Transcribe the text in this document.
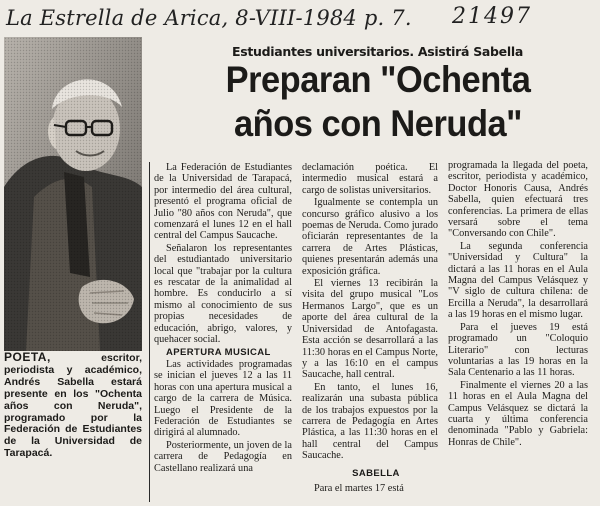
La Estrella de Arica, 8-VIII-1984 p. 7. 21497
Estudiantes universitarios. Asistirá Sabella
Preparan "Ochenta años con Neruda"
POETA,	escritor, periodista y académico, Andrés Sabella estará presente en los "Ochenta años con Neruda", programado por la Federación de Estudiantes de la Universidad de Tarapacá.

La Federación de Estudiantes de la Universidad de Tarapacá, por intermedio del área cultural, presentó el programa oficial de Julio "80 años con Neruda", que comenzará el lunes 12 en el hall central del Campus Saucache.

Señalaron los representantes del estudiantado universitario local que "trabajar por la cultura es rescatar de la animalidad al hombre. Es conducirlo a sí mismo al conocimiento de sus propias necesidades de educación, abrigo, valores, y quehacer social.

APERTURA MUSICAL

Las actividades programadas se inician el jueves 12 a las 11 horas con una apertura musical a cargo de la carrera de Música. Luego el Presidente de la Federación de Estudiantes se dirigirá al alumnado.

Posteriormente, un joven de la carrera de Pedagogía en Castellano realizará una

declamación poética. El intermedio musical estará a cargo de solistas universitarios.

Igualmente se contempla un concurso gráfico alusivo a los poemas de Neruda. Como jurado oficiarán representantes de la carrera de Artes Plásticas, quienes presentarán además una exposición gráfica.

El viernes 13 recibirán la visita del grupo musical "Los Hermanos Largo", que es un aporte del área cultural de la Universidad de Antofagasta. Esta acción se desarrollará a las 11:30 horas en el Campus Norte, y a las 16:10 en el campus Saucache, hall central.

En tanto, el lunes 16, realizarán una subasta pública de los trabajos expuestos por la carrera de Pedagogía en Artes Plástica, a las 11:30 horas en el hall central del Campus Saucache.

SABELLA

Para el martes 17 está

programada la llegada del poeta, escritor, periodista y académico, Doctor Honoris Causa, Andrés Sabella, quien efectuará tres conferencias. La primera de ellas versará sobre el tema "Conversando con Chile".

La segunda conferencia "Universidad y Cultura" la dictará a las 11 horas en el Aula Magna del Campus Velásquez y "V siglo de cultura chilena: de Ercilla a Neruda", la desarrollará a las 19 horas en el mismo lugar.

Para el jueves 19 está programado un "Coloquio Literario" con lecturas voluntarias a las 19 horas en la Sala Centenario a las 11 horas.

Finalmente el viernes 20 a las 11 horas en el Aula Magna del Campus Velásquez se dictará la cuarta y última conferencia denominada "Pablo y Gabriela: Honras de Chile".
